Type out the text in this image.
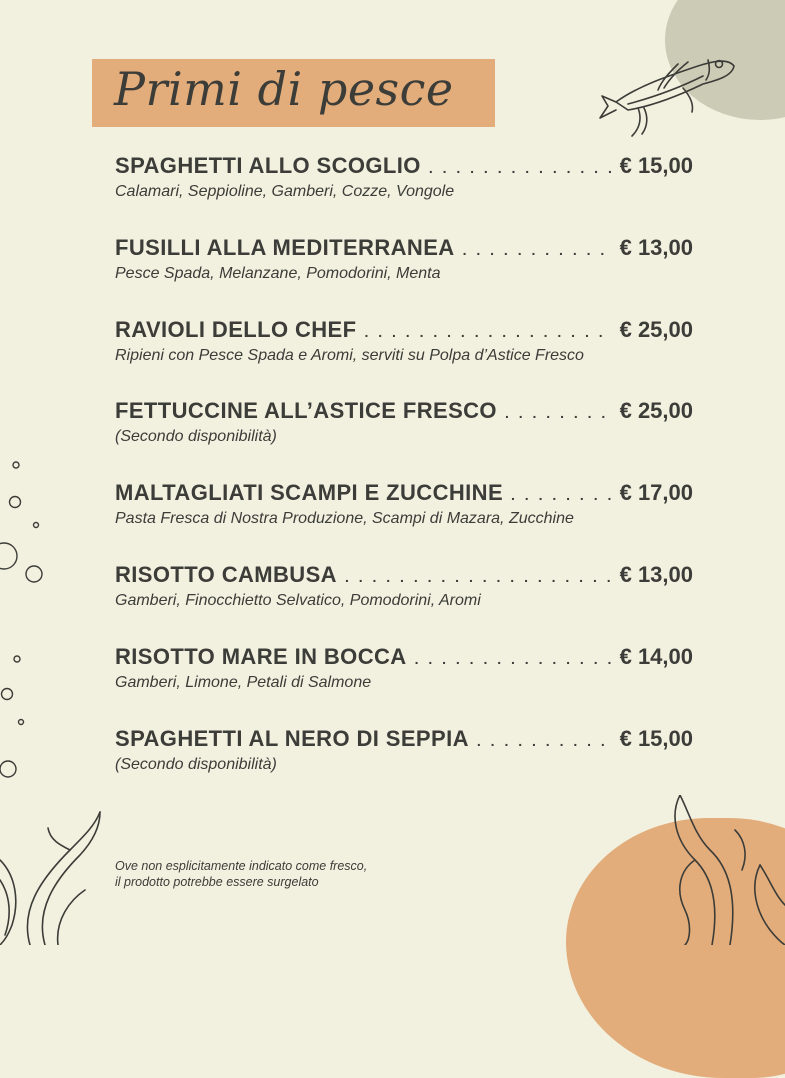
Primi di pesce
SPAGHETTI ALLO SCOGLIO . . .	€ 15,00
Calamari, Seppioline, Gamberi, Cozze, Vongole
FUSILLI ALLA MEDITERRANEA . . .	€ 13,00
Pesce Spada, Melanzane, Pomodorini, Menta
RAVIOLI DELLO CHEF . . .	€ 25,00
Ripieni con Pesce Spada e Aromi, serviti su Polpa d’Astice Fresco
FETTUCCINE ALL’ASTICE FRESCO . . .	€ 25,00
(Secondo disponibilità)
MALTAGLIATI SCAMPI E ZUCCHINE . . .	€ 17,00
Pasta Fresca di Nostra Produzione, Scampi di Mazara, Zucchine
RISOTTO CAMBUSA . . .	€ 13,00
Gamberi, Finocchietto Selvatico, Pomodorini, Aromi
RISOTTO MARE IN BOCCA . . .	€ 14,00
Gamberi, Limone, Petali di Salmone
SPAGHETTI AL NERO DI SEPPIA . . .	€ 15,00
(Secondo disponibilità)
Ove non esplicitamente indicato come fresco,
il prodotto potrebbe essere surgelato
